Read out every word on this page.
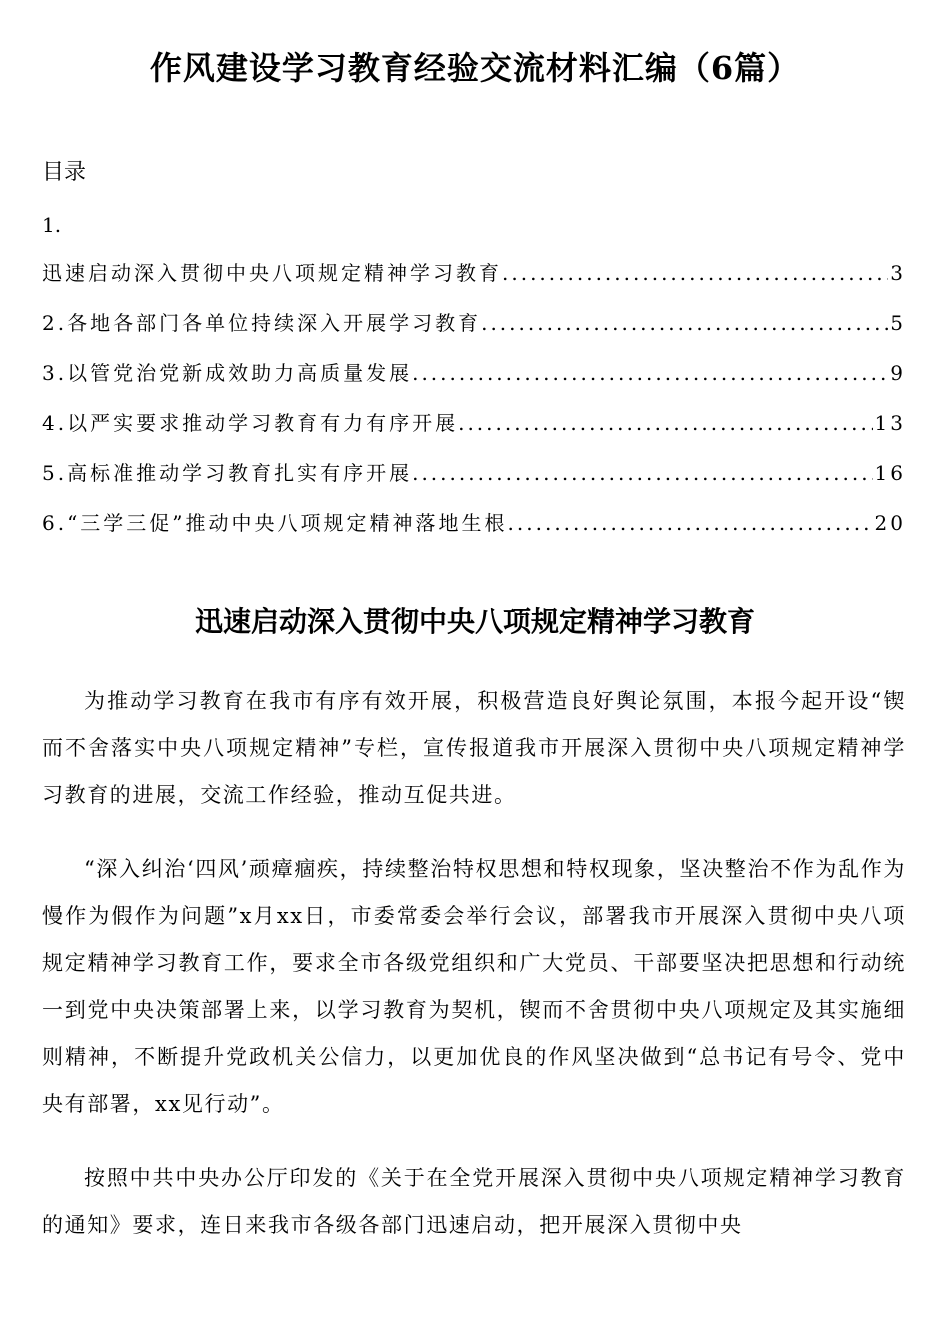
作风建设学习教育经验交流材料汇编（6篇）
目录
1.
迅速启动深入贯彻中央八项规定精神学习教育 .....	3
2.各地各部门各单位持续深入开展学习教育 .....	5
3.以管党治党新成效助力高质量发展 .....	9
4.以严实要求推动学习教育有力有序开展 .....	13
5.高标准推动学习教育扎实有序开展 .....	16
6.“三学三促”推动中央八项规定精神落地生根 .....	20
迅速启动深入贯彻中央八项规定精神学习教育

为推动学习教育在我市有序有效开展，积极营造良好舆论氛围，本报今起开设“锲而不舍落实中央八项规定精神”专栏，宣传报道我市开展深入贯彻中央八项规定精神学习教育的进展，交流工作经验，推动互促共进。

“深入纠治‘四风’顽瘴痼疾，持续整治特权思想和特权现象，坚决整治不作为乱作为慢作为假作为问题”x月xx日，市委常委会举行会议，部署我市开展深入贯彻中央八项规定精神学习教育工作，要求全市各级党组织和广大党员、干部要坚决把思想和行动统一到党中央决策部署上来，以学习教育为契机，锲而不舍贯彻中央八项规定及其实施细则精神，不断提升党政机关公信力，以更加优良的作风坚决做到“总书记有号令、党中央有部署，xx见行动”。

按照中共中央办公厅印发的《关于在全党开展深入贯彻中央八项规定精神学习教育的通知》要求，连日来我市各级各部门迅速启动，把开展深入贯彻中央
